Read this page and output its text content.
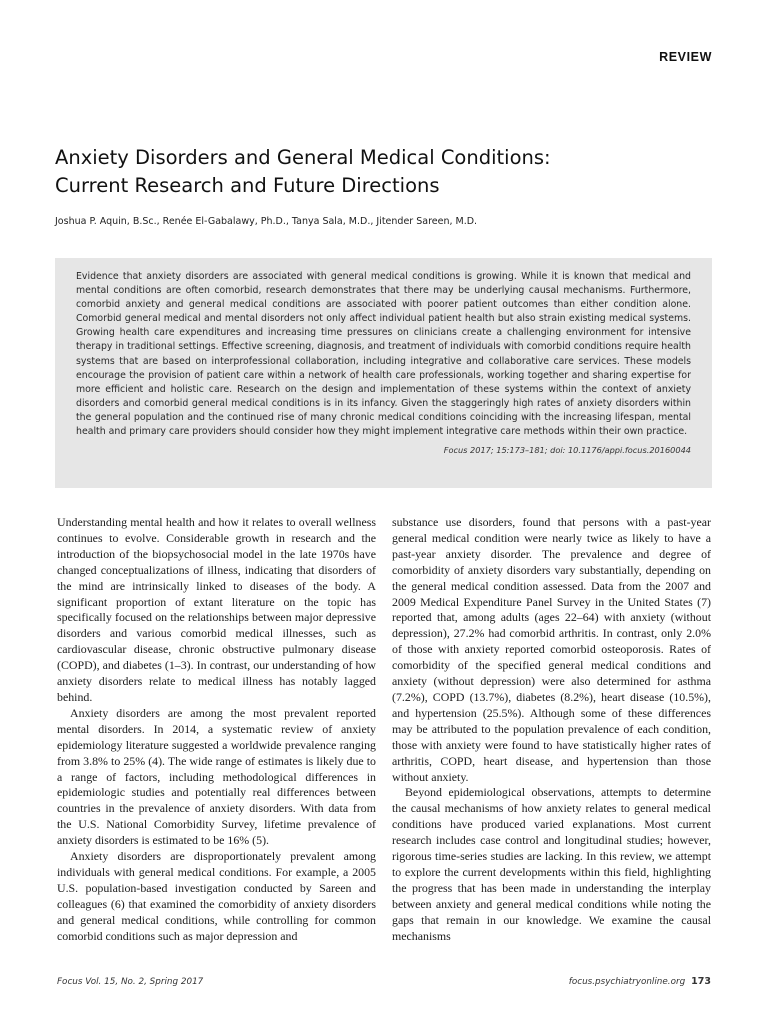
REVIEW
Anxiety Disorders and General Medical Conditions:
Current Research and Future Directions

Joshua P. Aquin, B.Sc., Renée El-Gabalawy, Ph.D., Tanya Sala, M.D., Jitender Sareen, M.D.

Evidence that anxiety disorders are associated with general medical conditions is growing. While it is known that medical and mental conditions are often comorbid, research demonstrates that there may be underlying causal mechanisms. Furthermore, comorbid anxiety and general medical conditions are associated with poorer patient outcomes than either condition alone. Comorbid general medical and mental disorders not only affect individual patient health but also strain existing medical systems. Growing health care expenditures and increasing time pressures on clinicians create a challenging environment for intensive therapy in traditional settings. Effective screening, diagnosis, and treatment of individuals with comorbid conditions require health systems that are based on interprofessional collaboration, including integrative and collaborative care services. These models encourage the provision of patient care within a network of health care professionals, working together and sharing expertise for more efficient and holistic care. Research on the design and implementation of these systems within the context of anxiety disorders and comorbid general medical conditions is in its infancy. Given the staggeringly high rates of anxiety disorders within the general population and the continued rise of many chronic medical conditions coinciding with the increasing lifespan, mental health and primary care providers should consider how they might implement integrative care methods within their own practice.

Focus 2017; 15:173–181; doi: 10.1176/appi.focus.20160044

Understanding mental health and how it relates to overall wellness continues to evolve. Considerable growth in research and the introduction of the biopsychosocial model in the late 1970s have changed conceptualizations of illness, indicating that disorders of the mind are intrinsically linked to diseases of the body. A significant proportion of extant literature on the topic has specifically focused on the relationships between major depressive disorders and various comorbid medical illnesses, such as cardiovascular disease, chronic obstructive pulmonary disease (COPD), and diabetes (1–3). In contrast, our understanding of how anxiety disorders relate to medical illness has notably lagged behind.

Anxiety disorders are among the most prevalent reported mental disorders. In 2014, a systematic review of anxiety epidemiology literature suggested a worldwide prevalence ranging from 3.8% to 25% (4). The wide range of estimates is likely due to a range of factors, including methodological differences in epidemiologic studies and potentially real differences between countries in the prevalence of anxiety disorders. With data from the U.S. National Comorbidity Survey, lifetime prevalence of anxiety disorders is estimated to be 16% (5).

Anxiety disorders are disproportionately prevalent among individuals with general medical conditions. For example, a 2005 U.S. population-based investigation conducted by Sareen and colleagues (6) that examined the comorbidity of anxiety disorders and general medical conditions, while controlling for common comorbid conditions such as major depression and

substance use disorders, found that persons with a past-year general medical condition were nearly twice as likely to have a past-year anxiety disorder. The prevalence and degree of comorbidity of anxiety disorders vary substantially, depending on the general medical condition assessed. Data from the 2007 and 2009 Medical Expenditure Panel Survey in the United States (7) reported that, among adults (ages 22–64) with anxiety (without depression), 27.2% had comorbid arthritis. In contrast, only 2.0% of those with anxiety reported comorbid osteoporosis. Rates of comorbidity of the specified general medical conditions and anxiety (without depression) were also determined for asthma (7.2%), COPD (13.7%), diabetes (8.2%), heart disease (10.5%), and hypertension (25.5%). Although some of these differences may be attributed to the population prevalence of each condition, those with anxiety were found to have statistically higher rates of arthritis, COPD, heart disease, and hypertension than those without anxiety.

Beyond epidemiological observations, attempts to determine the causal mechanisms of how anxiety relates to general medical conditions have produced varied explanations. Most current research includes case control and longitudinal studies; however, rigorous time-series studies are lacking. In this review, we attempt to explore the current developments within this field, highlighting the progress that has been made in understanding the interplay between anxiety and general medical conditions while noting the gaps that remain in our knowledge. We examine the causal mechanisms

Focus Vol. 15, No. 2, Spring 2017	focus.psychiatryonline.org 173
